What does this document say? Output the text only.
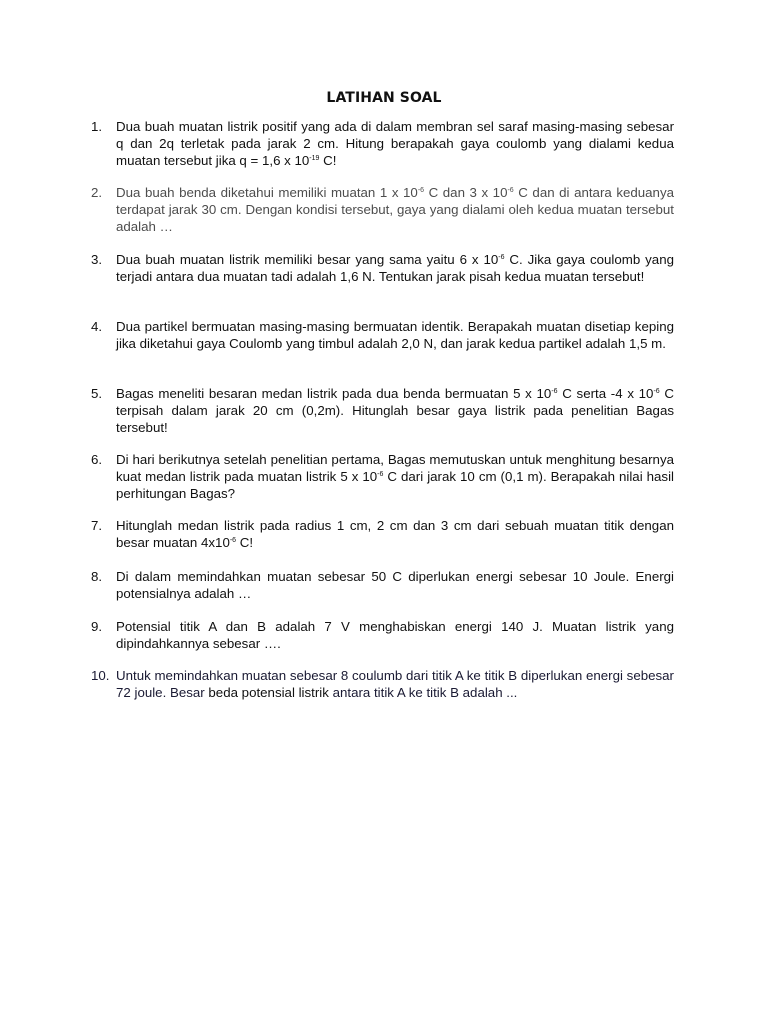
LATIHAN SOAL
1. Dua buah muatan listrik positif yang ada di dalam membran sel saraf masing-masing sebesar q dan 2q terletak pada jarak 2 cm. Hitung berapakah gaya coulomb yang dialami kedua muatan tersebut jika q = 1,6 x $10^{-19}$ C!
2. Dua buah benda diketahui memiliki muatan 1 x $10^{-6}$ C dan 3 x $10^{-6}$ C dan di antara keduanya terdapat jarak 30 cm. Dengan kondisi tersebut, gaya yang dialami oleh kedua muatan tersebut adalah …
3. Dua buah muatan listrik memiliki besar yang sama yaitu 6 x $10^{-6}$ C. Jika gaya coulomb yang terjadi antara dua muatan tadi adalah 1,6 N. Tentukan jarak pisah kedua muatan tersebut!
4. Dua partikel bermuatan masing-masing bermuatan identik. Berapakah muatan disetiap keping jika diketahui gaya Coulomb yang timbul adalah 2,0 N, dan jarak kedua partikel adalah 1,5 m.
5. Bagas meneliti besaran medan listrik pada dua benda bermuatan 5 x $10^{-6}$ C serta -4 x $10^{-6}$ C terpisah dalam jarak 20 cm (0,2m). Hitunglah besar gaya listrik pada penelitian Bagas tersebut!
6. Di hari berikutnya setelah penelitian pertama, Bagas memutuskan untuk menghitung besarnya kuat medan listrik pada muatan listrik 5 x $10^{-6}$ C dari jarak 10 cm (0,1 m). Berapakah nilai hasil perhitungan Bagas?
7. Hitunglah medan listrik pada radius 1 cm, 2 cm dan 3 cm dari sebuah muatan titik dengan besar muatan $4x10^{-6}$ C!
8. Di dalam memindahkan muatan sebesar 50 C diperlukan energi sebesar 10 Joule. Energi potensialnya adalah …
9. Potensial titik A dan B adalah 7 V menghabiskan energi 140 J. Muatan listrik yang dipindahkannya sebesar ….
10. Untuk memindahkan muatan sebesar 8 coulumb dari titik A ke titik B diperlukan energi sebesar 72 joule. Besar beda potensial listrik antara titik A ke titik B adalah ...
